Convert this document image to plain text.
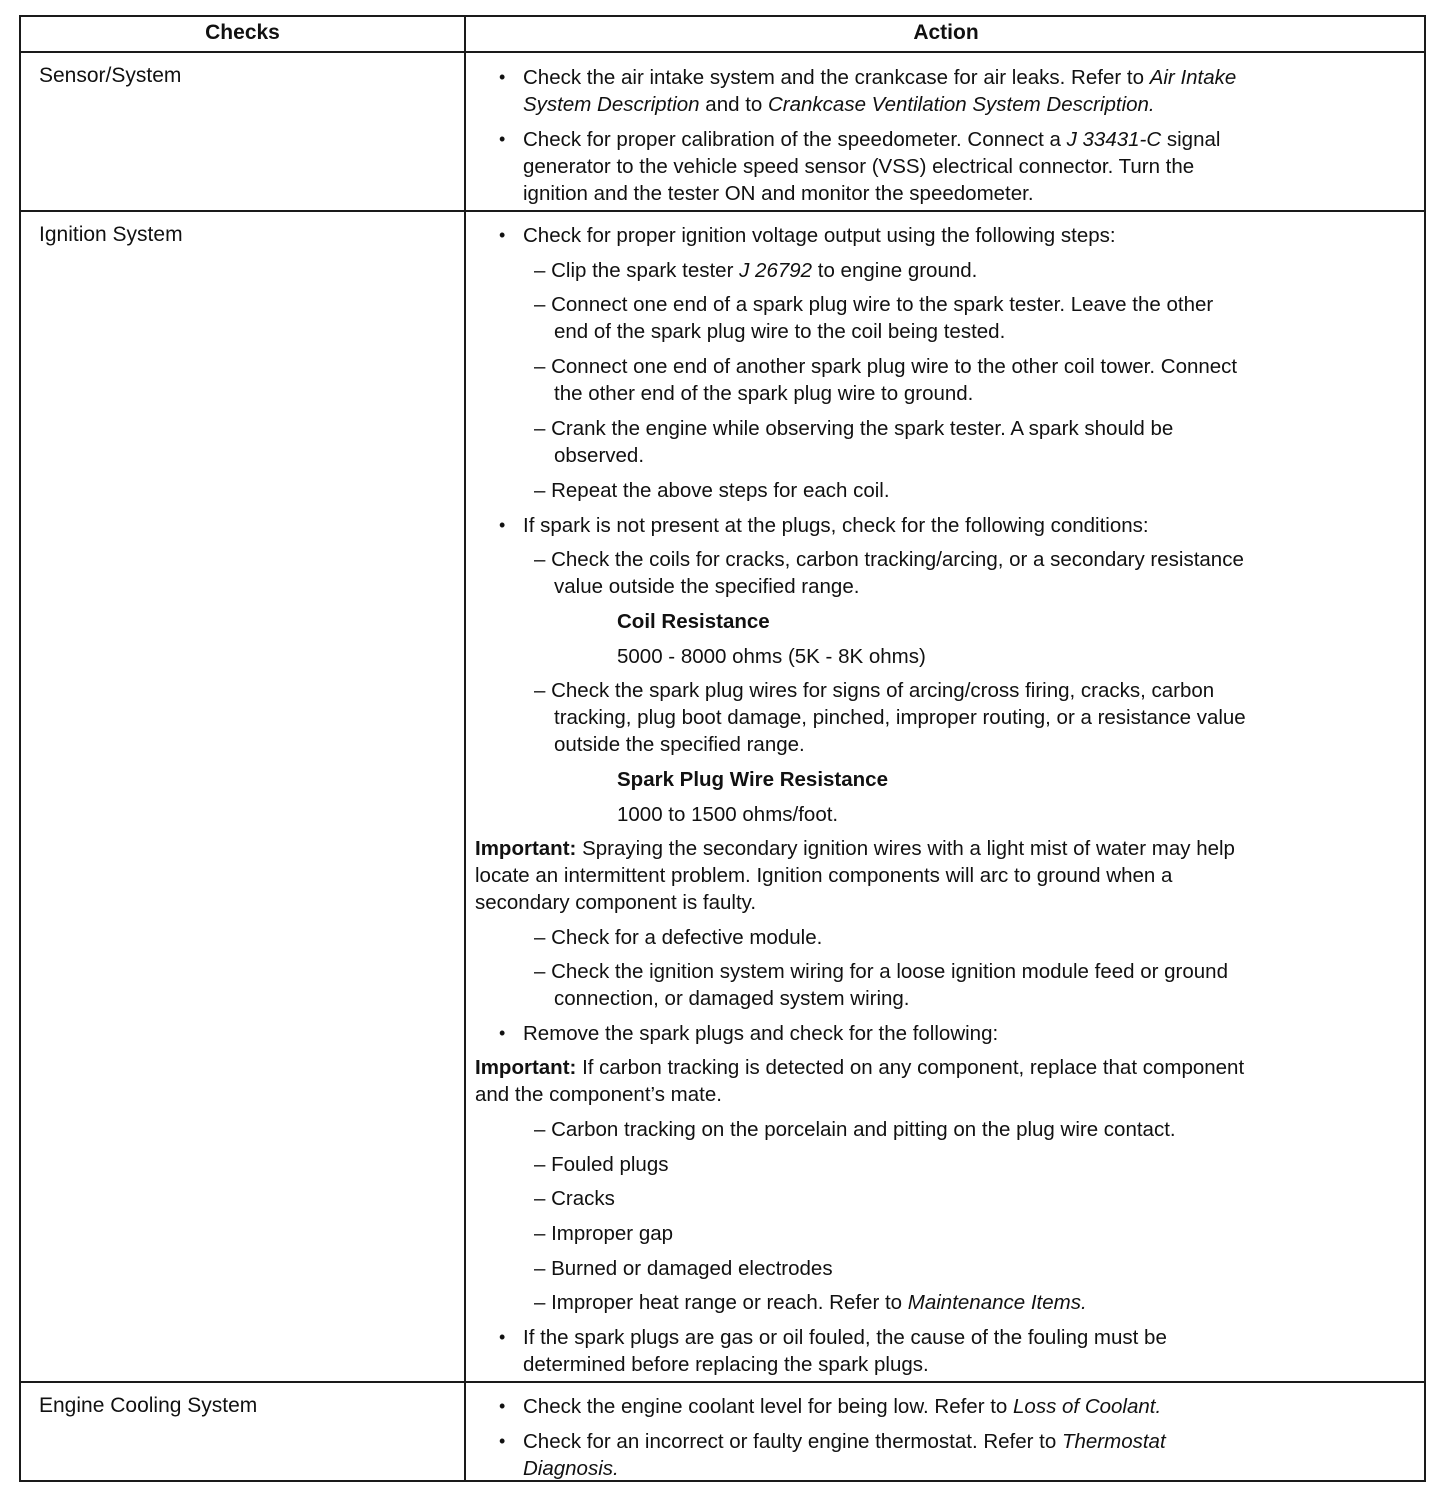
Checks	Action
Sensor/System	• Check the air intake system and the crankcase for air leaks. Refer to Air Intake
System Description and to Crankcase Ventilation System Description.
• Check for proper calibration of the speedometer. Connect a J 33431-C signal
generator to the vehicle speed sensor (VSS) electrical connector. Turn the
ignition and the tester ON and monitor the speedometer.
Ignition System	• Check for proper ignition voltage output using the following steps:
– Clip the spark tester J 26792 to engine ground.
– Connect one end of a spark plug wire to the spark tester. Leave the other
end of the spark plug wire to the coil being tested.
– Connect one end of another spark plug wire to the other coil tower. Connect
the other end of the spark plug wire to ground.
– Crank the engine while observing the spark tester. A spark should be
observed.
– Repeat the above steps for each coil.
• If spark is not present at the plugs, check for the following conditions:
– Check the coils for cracks, carbon tracking/arcing, or a secondary resistance
value outside the specified range.
Coil Resistance
5000 - 8000 ohms (5K - 8K ohms)
– Check the spark plug wires for signs of arcing/cross firing, cracks, carbon
tracking, plug boot damage, pinched, improper routing, or a resistance value
outside the specified range.
Spark Plug Wire Resistance
1000 to 1500 ohms/foot.
Important: Spraying the secondary ignition wires with a light mist of water may help
locate an intermittent problem. Ignition components will arc to ground when a
secondary component is faulty.
– Check for a defective module.
– Check the ignition system wiring for a loose ignition module feed or ground
connection, or damaged system wiring.
• Remove the spark plugs and check for the following:
Important: If carbon tracking is detected on any component, replace that component
and the component’s mate.
– Carbon tracking on the porcelain and pitting on the plug wire contact.
– Fouled plugs
– Cracks
– Improper gap
– Burned or damaged electrodes
– Improper heat range or reach. Refer to Maintenance Items.
• If the spark plugs are gas or oil fouled, the cause of the fouling must be
determined before replacing the spark plugs.
Engine Cooling System	• Check the engine coolant level for being low. Refer to Loss of Coolant.
• Check for an incorrect or faulty engine thermostat. Refer to Thermostat
Diagnosis.
